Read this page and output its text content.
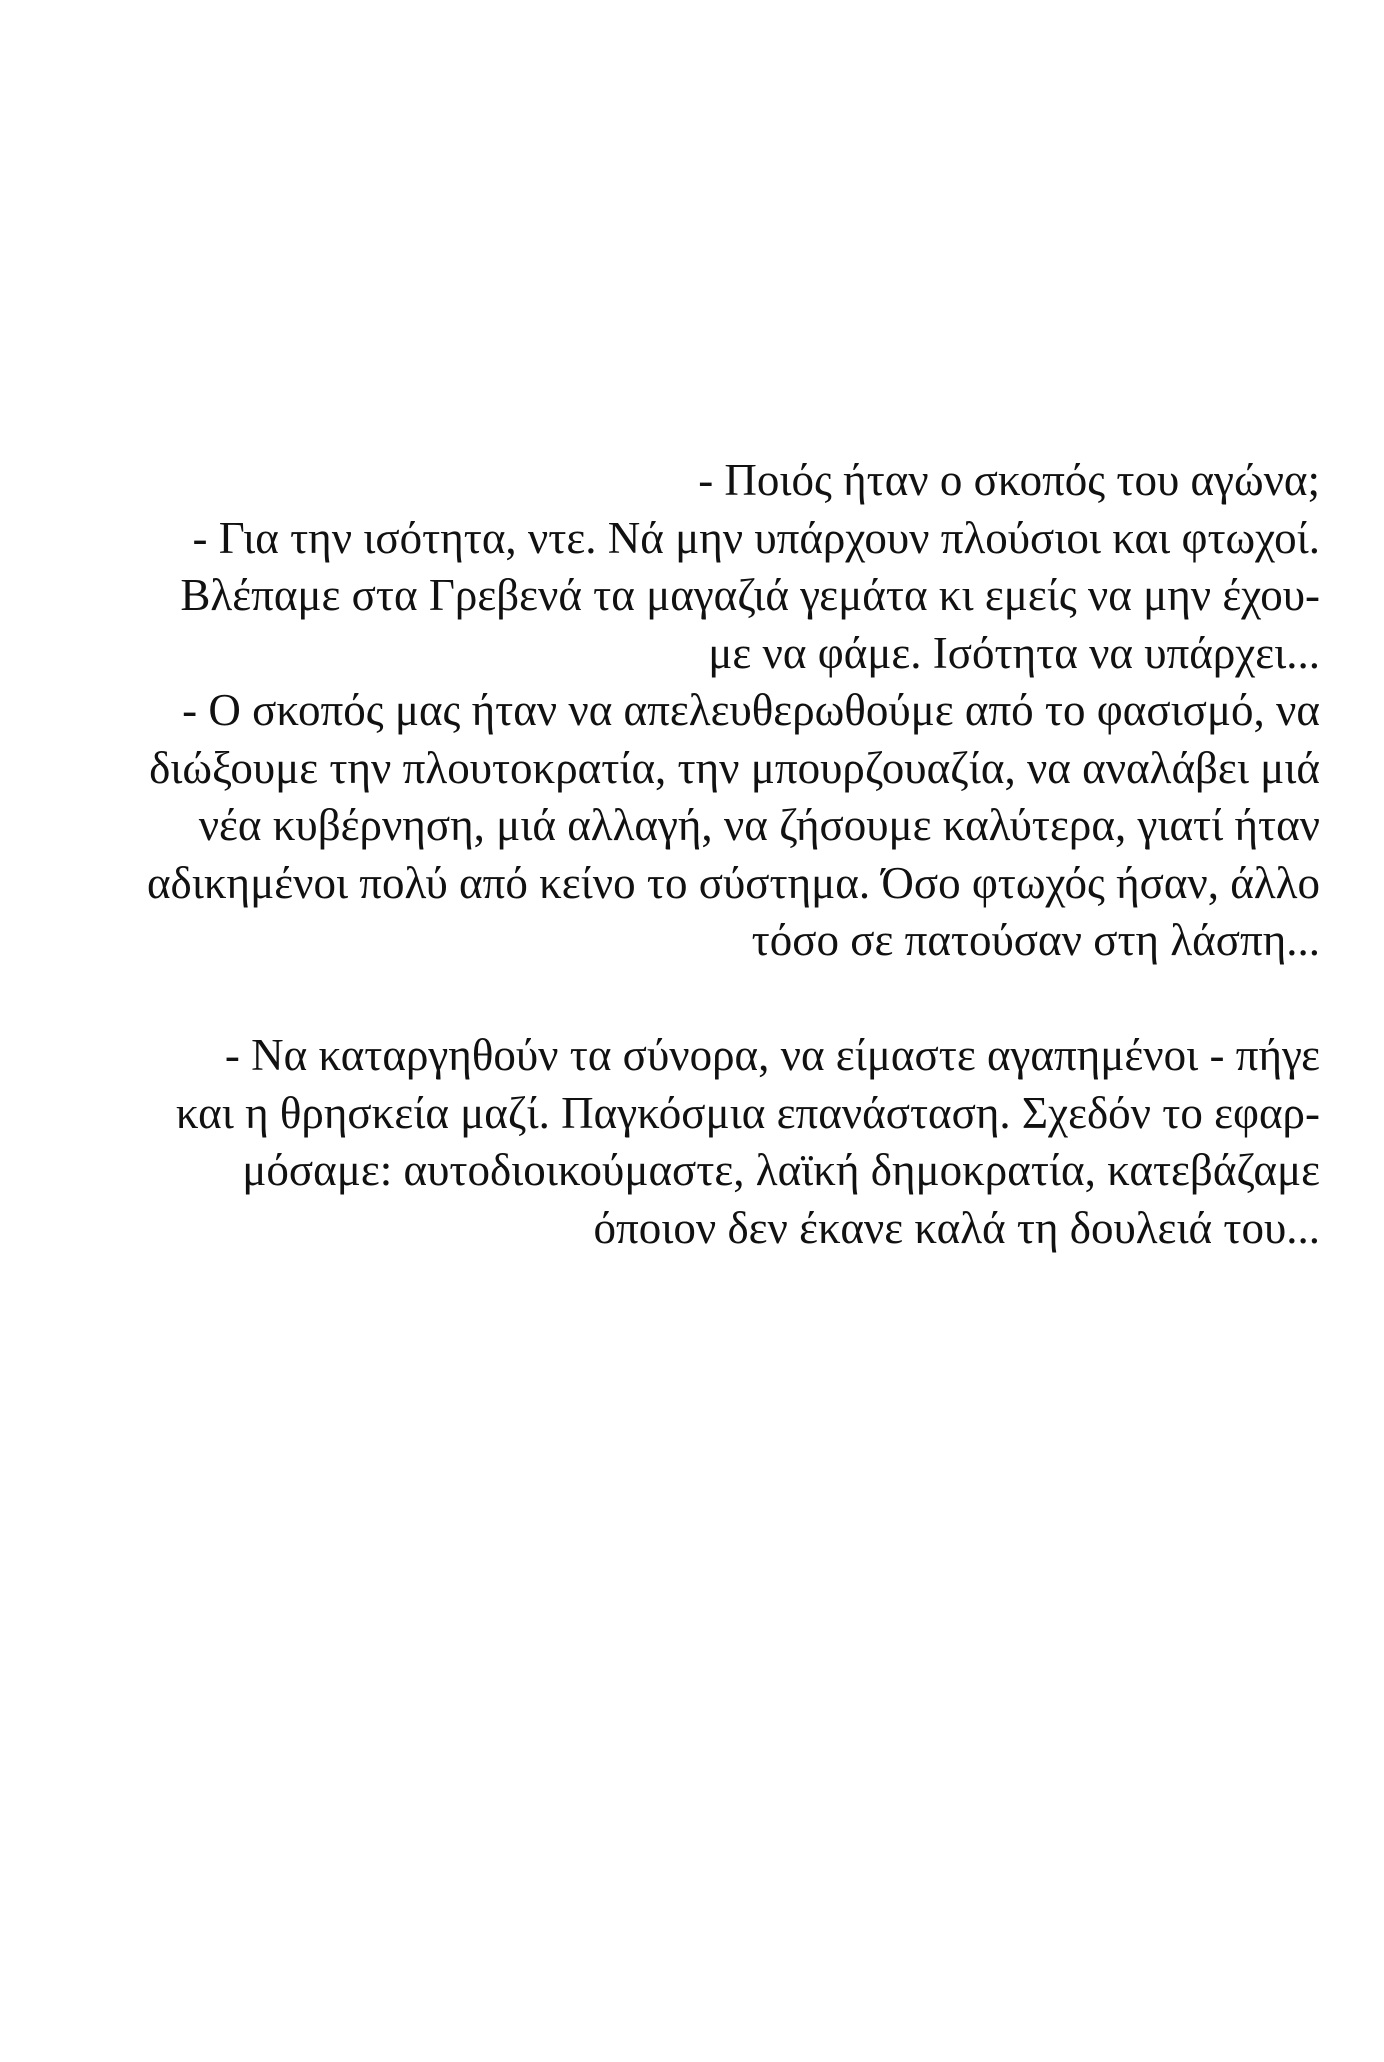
- Ποιός ήταν ο σκοπός του αγώνα;
- Για την ισότητα, ντε. Νά μην υπάρχουν πλούσιοι και φτωχοί.
Βλέπαμε στα Γρεβενά τα μαγαζιά γεμάτα κι εμείς να μην έχου-
με να φάμε. Ισότητα να υπάρχει...
- Ο σκοπός μας ήταν να απελευθερωθούμε από το φασισμό, να
διώξουμε την πλουτοκρατία, την μπουρζουαζία, να αναλάβει μιά
νέα κυβέρνηση, μιά αλλαγή, να ζήσουμε καλύτερα, γιατί ήταν
αδικημένοι πολύ από κείνο το σύστημα. Όσο φτωχός ήσαν, άλλο
τόσο σε πατούσαν στη λάσπη...
- Να καταργηθούν τα σύνορα, να είμαστε αγαπημένοι - πήγε
και η θρησκεία μαζί. Παγκόσμια επανάσταση. Σχεδόν το εφαρ-
μόσαμε: αυτοδιοικούμαστε, λαϊκή δημοκρατία, κατεβάζαμε
όποιον δεν έκανε καλά τη δουλειά του...
